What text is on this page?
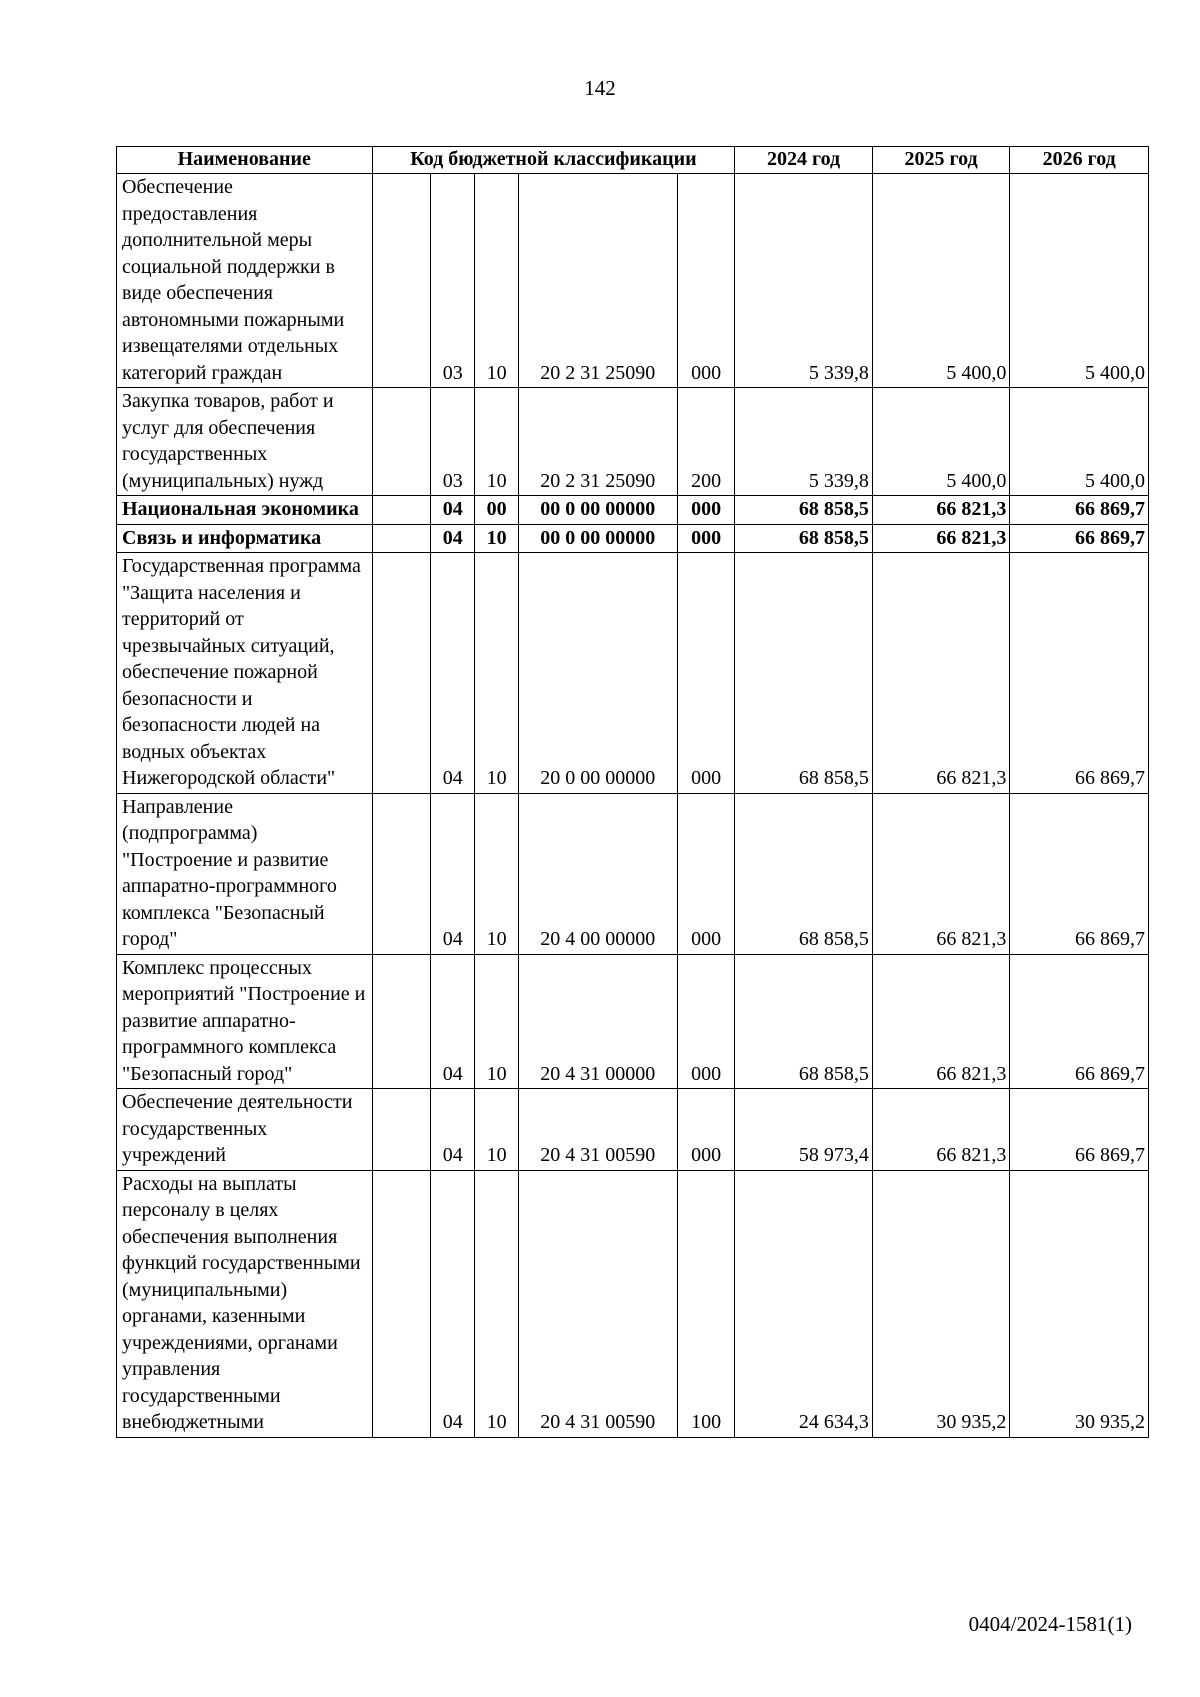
142
Наименование	Код бюджетной классификации					2024 год	2025 год	2026 год
Обеспечение предоставления дополнительной меры социальной поддержки в виде обеспечения автономными пожарными извещателями отдельных категорий граждан		03	10	20 2 31 25090	000	5 339,8	5 400,0	5 400,0
Закупка товаров, работ и услуг для обеспечения государственных (муниципальных) нужд		03	10	20 2 31 25090	200	5 339,8	5 400,0	5 400,0
Национальная экономика		04	00	00 0 00 00000	000	68 858,5	66 821,3	66 869,7
Связь и информатика		04	10	00 0 00 00000	000	68 858,5	66 821,3	66 869,7
Государственная программа "Защита населения и территорий от чрезвычайных ситуаций, обеспечение пожарной безопасности и безопасности людей на водных объектах Нижегородской области"		04	10	20 0 00 00000	000	68 858,5	66 821,3	66 869,7
Направление (подпрограмма) "Построение и развитие аппаратно-программного комплекса "Безопасный город"		04	10	20 4 00 00000	000	68 858,5	66 821,3	66 869,7
Комплекс процессных мероприятий "Построение и развитие аппаратно-программного комплекса "Безопасный город"		04	10	20 4 31 00000	000	68 858,5	66 821,3	66 869,7
Обеспечение деятельности государственных учреждений		04	10	20 4 31 00590	000	58 973,4	66 821,3	66 869,7
Расходы на выплаты персоналу в целях обеспечения выполнения функций государственными (муниципальными) органами, казенными учреждениями, органами управления государственными внебюджетными		04	10	20 4 31 00590	100	24 634,3	30 935,2	30 935,2
0404/2024-1581(1)
